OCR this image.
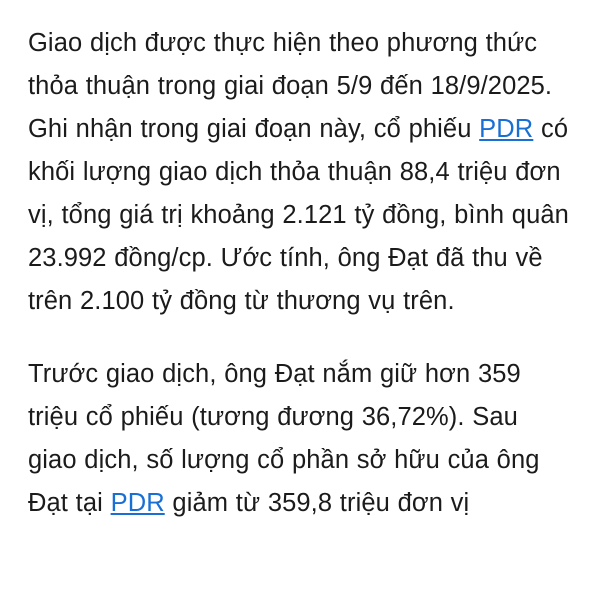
Giao dịch được thực hiện theo phương thức thỏa thuận trong giai đoạn 5/9 đến 18/9/2025. Ghi nhận trong giai đoạn này, cổ phiếu PDR có khối lượng giao dịch thỏa thuận 88,4 triệu đơn vị, tổng giá trị khoảng 2.121 tỷ đồng, bình quân 23.992 đồng/cp. Ước tính, ông Đạt đã thu về trên 2.100 tỷ đồng từ thương vụ trên.

Trước giao dịch, ông Đạt nắm giữ hơn 359 triệu cổ phiếu (tương đương 36,72%). Sau giao dịch, số lượng cổ phần sở hữu của ông Đạt tại PDR giảm từ 359,8 triệu đơn vị
